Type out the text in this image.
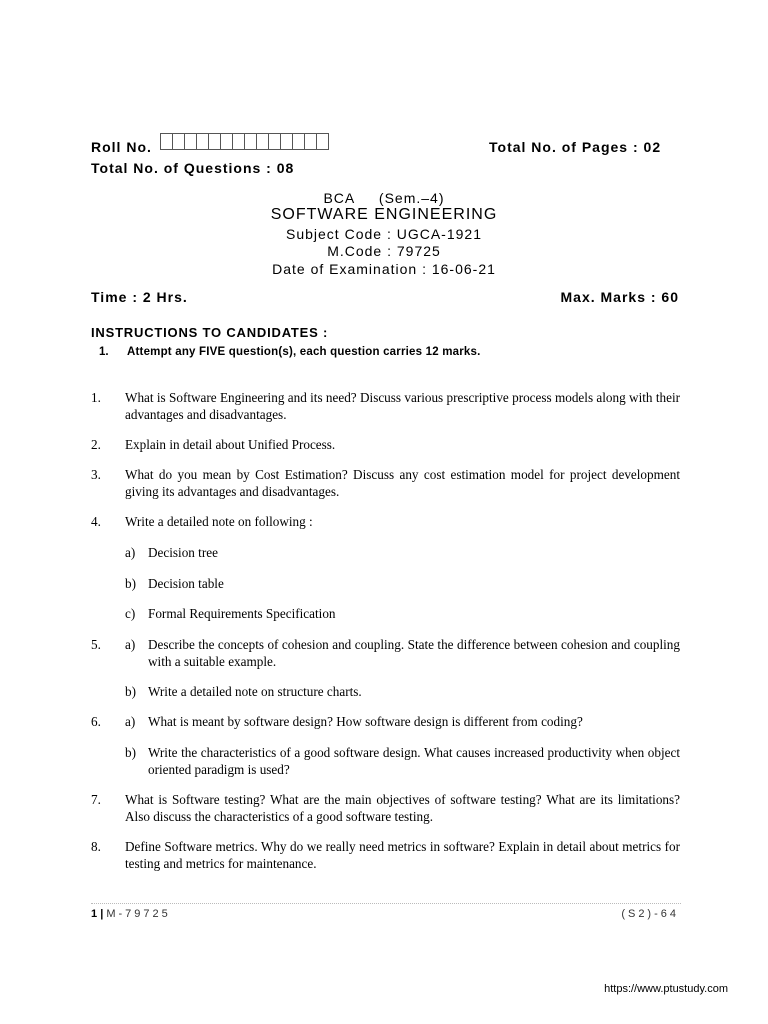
Roll No.	Total No. of Pages : 02
Total No. of Questions : 08
BCA     (Sem.–4)
SOFTWARE ENGINEERING
Subject Code : UGCA-1921
M.Code : 79725
Date of Examination : 16-06-21
Time : 2 Hrs.	Max. Marks : 60
INSTRUCTIONS TO CANDIDATES :
1. Attempt any FIVE question(s), each question carries 12 marks.
1. What is Software Engineering and its need? Discuss various prescriptive process models along with their advantages and disadvantages.
2. Explain in detail about Unified Process.
3. What do you mean by Cost Estimation? Discuss any cost estimation model for project development giving its advantages and disadvantages.
4. Write a detailed note on following :
a) Decision tree
b) Decision table
c) Formal Requirements Specification
5. a) Describe the concepts of cohesion and coupling. State the difference between cohesion and coupling with a suitable example.
b) Write a detailed note on structure charts.
6. a) What is meant by software design? How software design is different from coding?
b) Write the characteristics of a good software design. What causes increased productivity when object oriented paradigm is used?
7. What is Software testing? What are the main objectives of software testing? What are its limitations? Also discuss the characteristics of a good software testing.
8. Define Software metrics. Why do we really need metrics in software? Explain in detail about metrics for testing and metrics for maintenance.
1 | M-79725	(S2)-64
https://www.ptustudy.com
